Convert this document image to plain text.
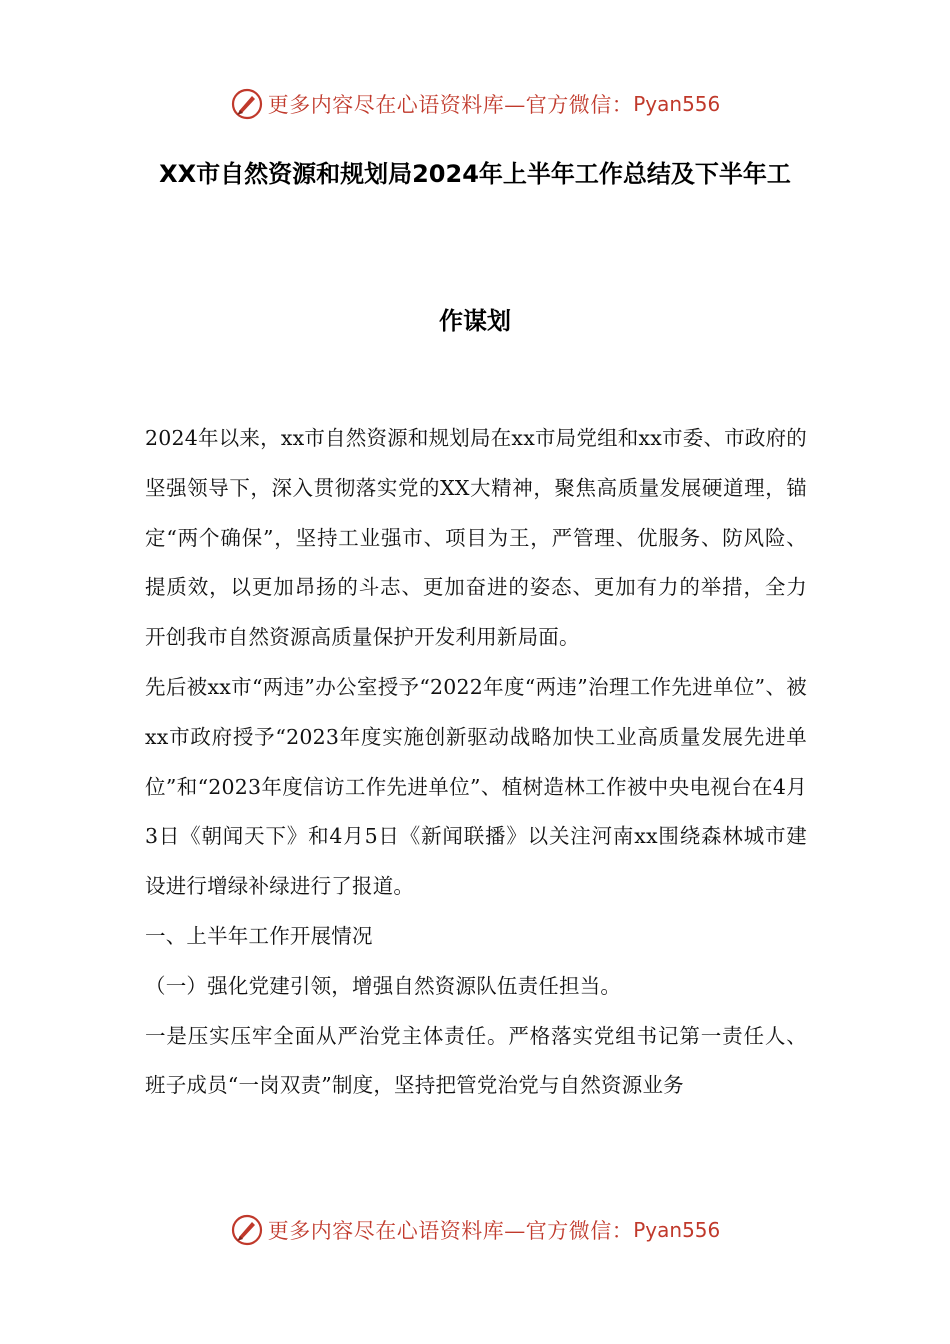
更多内容尽在心语资料库—官方微信： Pyan556
XX市自然资源和规划局2024年上半年工作总结及下半年工
作谋划

2024年以来，xx市自然资源和规划局在xx市局党组和xx市委、市政府的坚强领导下，深入贯彻落实党的XX大精神，聚焦高质量发展硬道理，锚定“两个确保”，坚持工业强市、项目为王，严管理、优服务、防风险、提质效，以更加昂扬的斗志、更加奋进的姿态、更加有力的举措，全力开创我市自然资源高质量保护开发利用新局面。

先后被xx市“两违”办公室授予“2022年度“两违”治理工作先进单位”、被xx市政府授予“2023年度实施创新驱动战略加快工业高质量发展先进单位”和“2023年度信访工作先进单位”、植树造林工作被中央电视台在4月3日《朝闻天下》和4月5日《新闻联播》以关注河南xx围绕森林城市建设进行增绿补绿进行了报道。

一、上半年工作开展情况

（一）强化党建引领，增强自然资源队伍责任担当。

一是压实压牢全面从严治党主体责任。严格落实党组书记第一责任人、班子成员“一岗双责”制度，坚持把管党治党与自然资源业务

更多内容尽在心语资料库—官方微信： Pyan556
